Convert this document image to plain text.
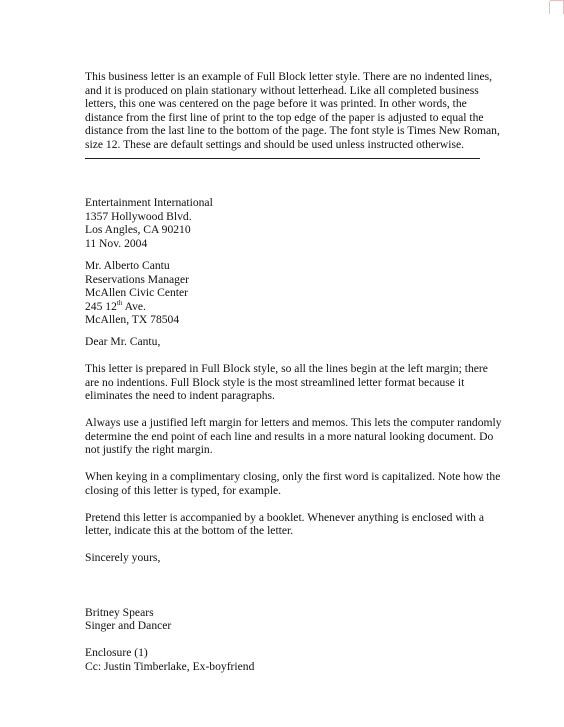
This business letter is an example of Full Block letter style. There are no indented lines,
and it is produced on plain stationary without letterhead. Like all completed business
letters, this one was centered on the page before it was printed. In other words, the
distance from the first line of print to the top edge of the paper is adjusted to equal the
distance from the last line to the bottom of the page. The font style is Times New Roman,
size 12. These are default settings and should be used unless instructed otherwise.
Entertainment International
1357 Hollywood Blvd.
Los Angles, CA 90210
11 Nov. 2004
Mr. Alberto Cantu
Reservations Manager
McAllen Civic Center
245 12th Ave.
McAllen, TX 78504
Dear Mr. Cantu,
This letter is prepared in Full Block style, so all the lines begin at the left margin; there
are no indentions. Full Block style is the most streamlined letter format because it
eliminates the need to indent paragraphs.
Always use a justified left margin for letters and memos. This lets the computer randomly
determine the end point of each line and results in a more natural looking document. Do
not justify the right margin.
When keying in a complimentary closing, only the first word is capitalized. Note how the
closing of this letter is typed, for example.
Pretend this letter is accompanied by a booklet. Whenever anything is enclosed with a
letter, indicate this at the bottom of the letter.
Sincerely yours,
Britney Spears
Singer and Dancer
Enclosure (1)
Cc: Justin Timberlake, Ex-boyfriend
